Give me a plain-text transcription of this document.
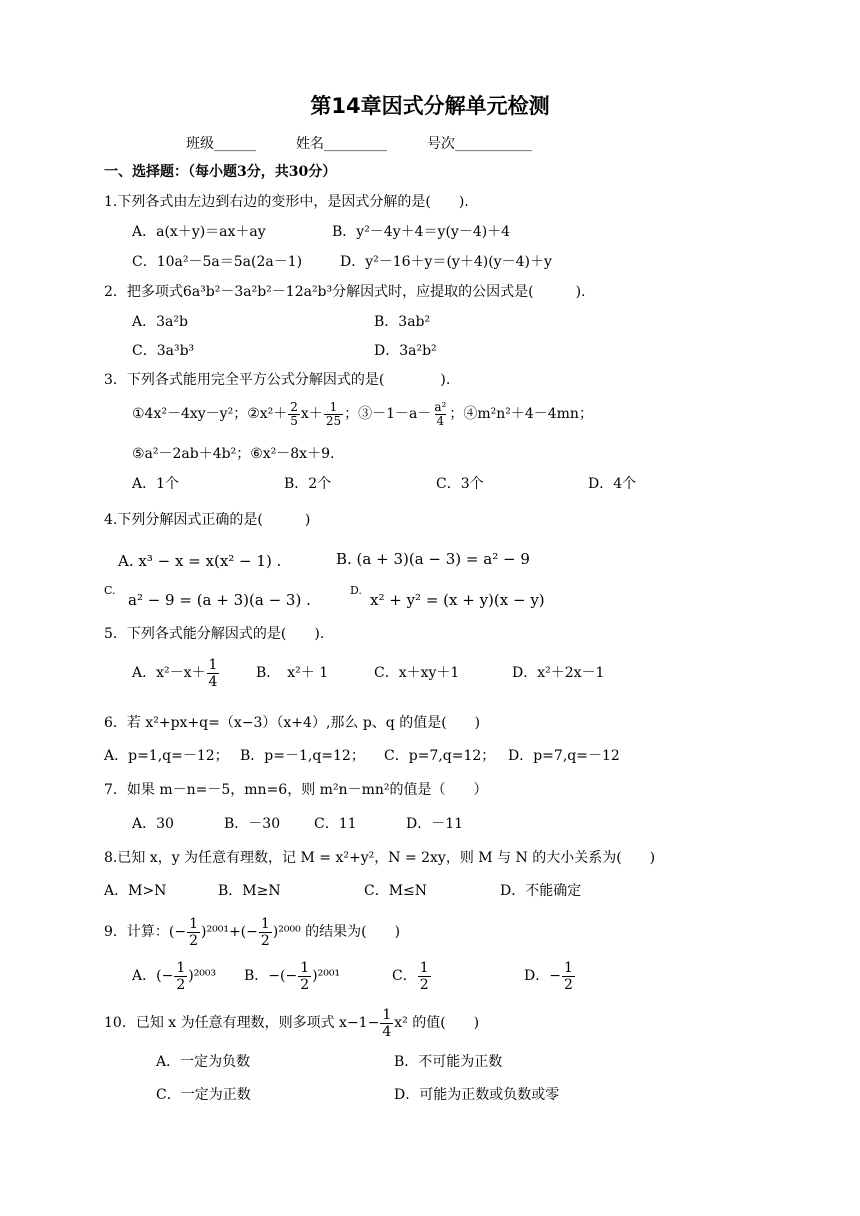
第14章因式分解单元检测
班级______	姓名_________	号次___________
一、选择题：（每小题3分，共30分）
1.下列各式由左边到右边的变形中，是因式分解的是(　　).
A．a(x＋y)＝ax＋ay	B．y²－4y＋4＝y(y－4)＋4
C．10a²－5a＝5a(2a－1)	D．y²－16＋y＝(y＋4)(y－4)＋y
2．把多项式6a³b²－3a²b²－12a²b³分解因式时，应提取的公因式是(　　　).
A．3a²b	B．3ab²
C．3a³b³	D．3a²b²
3．下列各式能用完全平方公式分解因式的是(　　　　).
①4x²－4xy－y²；②x²＋ $\frac{2}{5} x+ \frac{1}{25}$ ；③－1－a－ $\frac{\text{a²}}{4}$ ；④m²n²＋4－4mn；
⑤a²－2ab＋4b²；⑥x²－8x＋9.
A．1个	B．2个	C．3个	D．4个
4.下列分解因式正确的是(　　　)
A. x³ − x = x(x² − 1) .	B. (a + 3)(a − 3) = a² − 9
C.
a² − 9 = (a + 3)(a − 3) .
D.
x² + y² = (x + y)(x − y)
5．下列各式能分解因式的是(　　).
A．$x^2-x+ \frac{1}{4}$	B．　x²＋ 1	C．x＋xy＋1	D．x²＋2x－1
6．若 x²+px+q=（x−3）（x+4）,那么 p、q 的值是(　　)
A．p=1,q=－12； B．p=－1,q=12； C．p=7,q=12； D．p=7,q=－12
7．如果 m－n=－5，mn=6，则 m²n－mn²的值是（　　）
A．30	B．－30 C．11	D．－11
8.已知 x，y 为任意有理数，记 M = x²+y²，N = 2xy，则 M 与 N 的大小关系为(　　)
A．M>N	B．M≥N	C．M≤N	D．不能确定
9．计算：(− $\frac{1}{2} )^{2001}+(- \frac{1}{2} )^{2000}$ 的结果为(　　)
A．(− $\frac{1}{2} )^{2003}$ B．−(− $\frac{1}{2} )^{2001}$	C． $\frac{1}{2}$	D．− $\frac{1}{2}$
10．已知 x 为任意有理数，则多项式 $x-1- \frac{1}{4} x^2$ 的值(　　)
A．一定为负数	B．不可能为正数
C．一定为正数	D．可能为正数或负数或零
